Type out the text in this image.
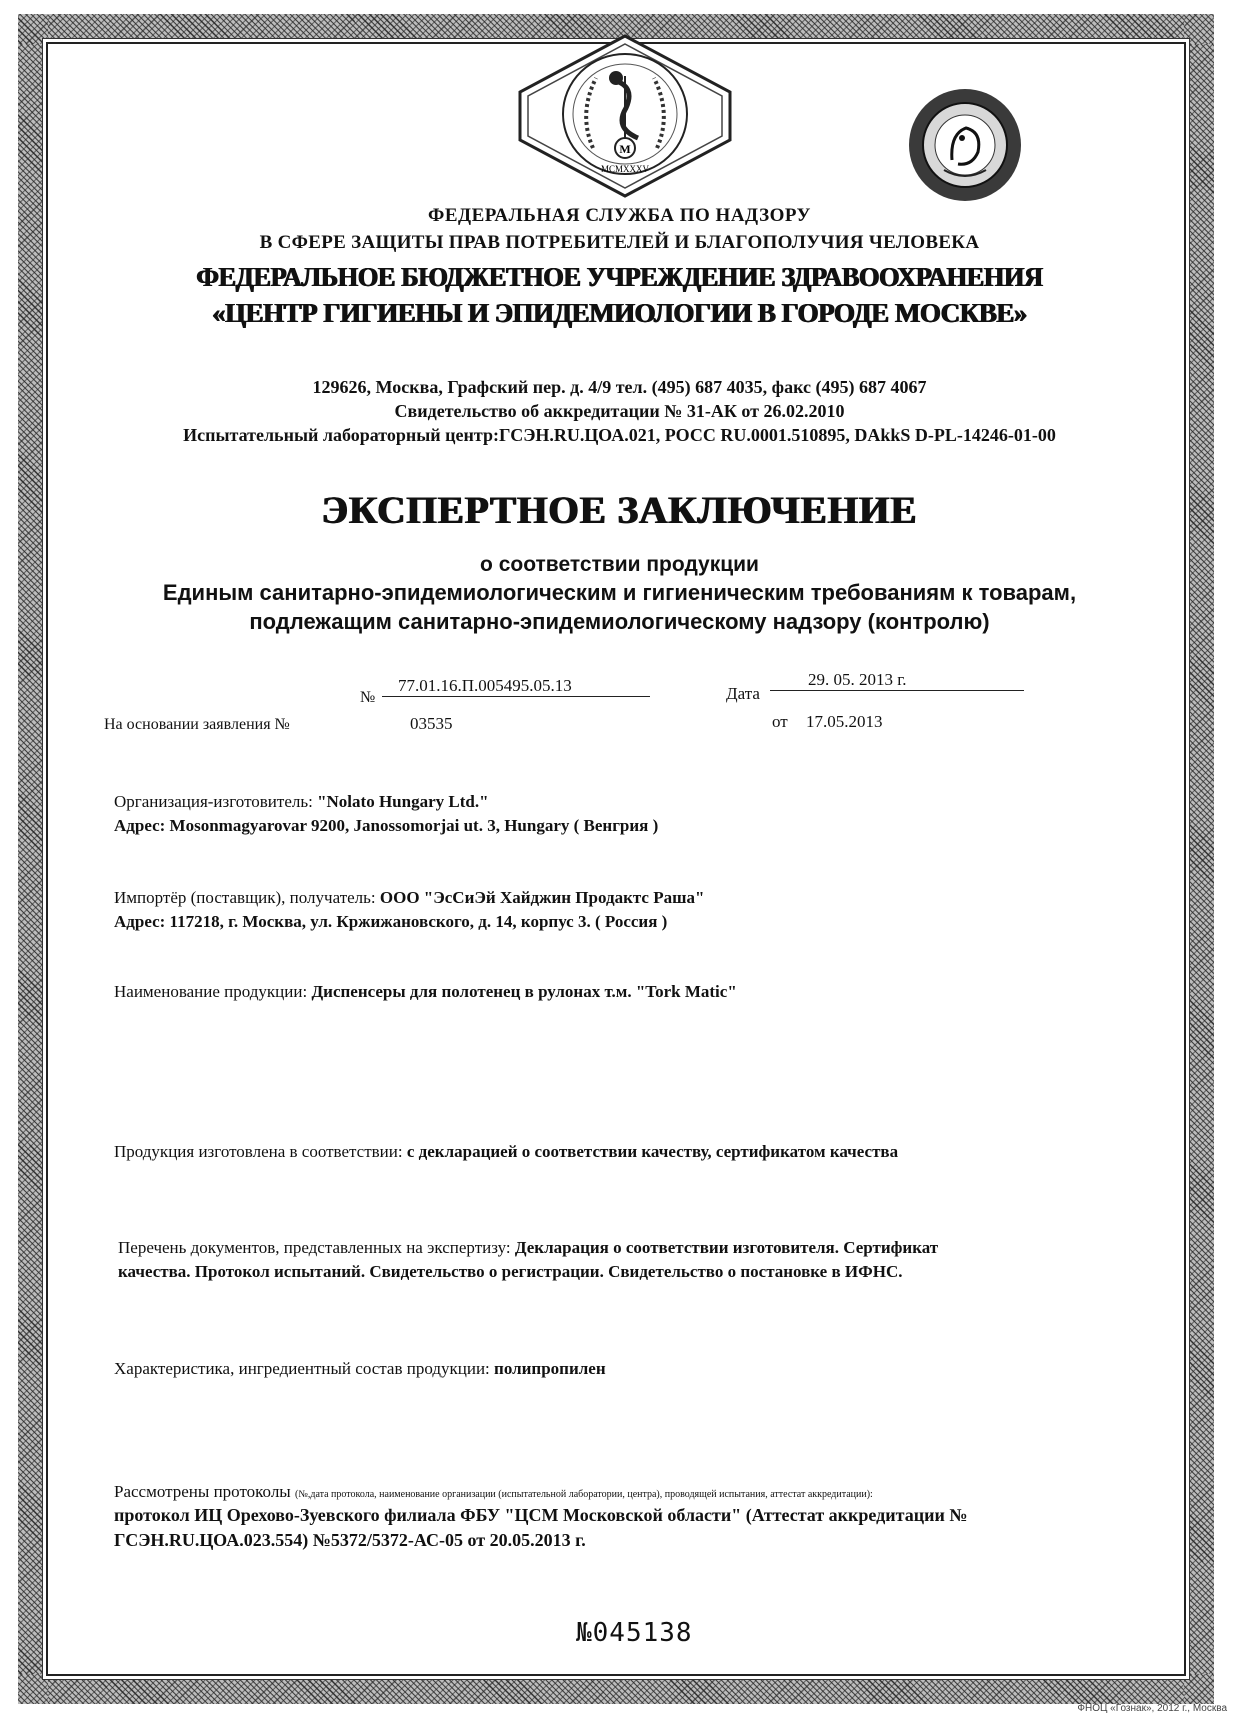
M
MCMXXXV
ФЕДЕРАЛЬНАЯ СЛУЖБА ПО НАДЗОРУ
В СФЕРЕ ЗАЩИТЫ ПРАВ ПОТРЕБИТЕЛЕЙ И БЛАГОПОЛУЧИЯ ЧЕЛОВЕКА
ФЕДЕРАЛЬНОЕ БЮДЖЕТНОЕ УЧРЕЖДЕНИЕ ЗДРАВООХРАНЕНИЯ
«ЦЕНТР ГИГИЕНЫ И ЭПИДЕМИОЛОГИИ В ГОРОДЕ МОСКВЕ»
129626, Москва, Графский пер. д. 4/9 тел. (495) 687 4035, факс (495) 687 4067
Свидетельство об аккредитации № 31-АК от 26.02.2010
Испытательный лабораторный центр:ГСЭН.RU.ЦОА.021, РОСС RU.0001.510895, DAkkS D-PL-14246-01-00
ЭКСПЕРТНОЕ ЗАКЛЮЧЕНИЕ
о соответствии продукции
Единым санитарно-эпидемиологическим и гигиеническим требованиям к товарам,
подлежащим санитарно-эпидемиологическому надзору (контролю)
№
77.01.16.П.005495.05.13	Дата
29. 05. 2013 г.
На основании заявления №	03535	от 17.05.2013
Организация-изготовитель: "Nolato Hungary Ltd."
Адрес: Mosonmagyarovar 9200, Janossomorjai ut. 3, Hungary ( Венгрия )
Импортёр (поставщик), получатель: ООО "ЭсСиЭй Хайджин Продактс Раша"
Адрес: 117218, г. Москва, ул. Кржижановского, д. 14, корпус 3. ( Россия )
Наименование продукции: Диспенсеры для полотенец в рулонах т.м. "Tork Matic"
Продукция изготовлена в соответствии: с декларацией о соответствии качеству, сертификатом качества
Перечень документов, представленных на экспертизу: Декларация о соответствии изготовителя. Сертификат
качества. Протокол испытаний. Свидетельство о регистрации. Свидетельство о постановке в ИФНС.
Характеристика, ингредиентный состав продукции: полипропилен
Рассмотрены протоколы (№,дата протокола, наименование организации (испытательной лаборатории, центра), проводящей испытания, аттестат аккредитации):
протокол ИЦ Орехово-Зуевского филиала ФБУ "ЦСМ Московской области" (Аттестат аккредитации №
ГСЭН.RU.ЦОА.023.554) №5372/5372-АС-05 от 20.05.2013 г.
№045138
ФНОЦ «Гознак», 2012 г., Москва
